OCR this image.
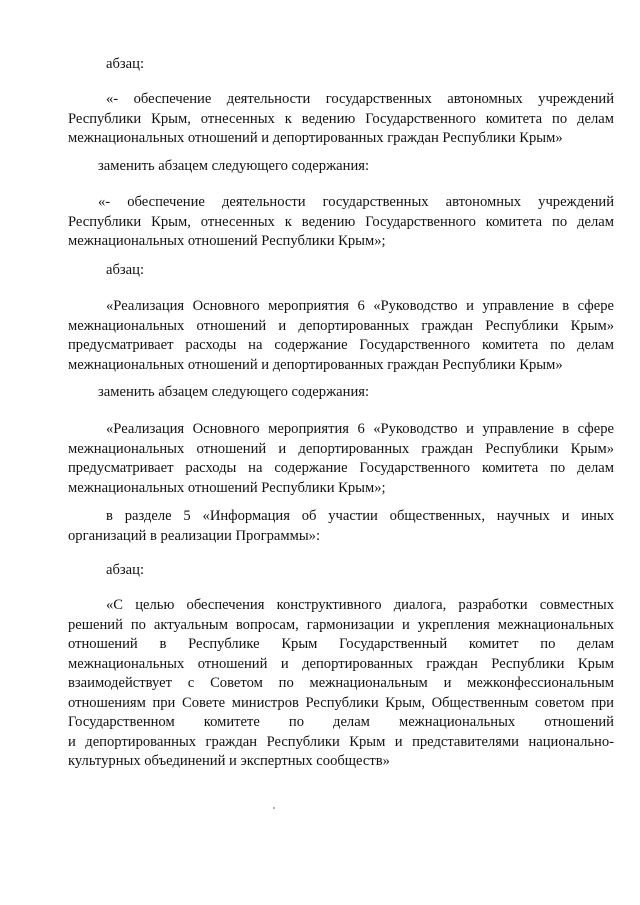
абзац:

«- обеспечение деятельности государственных автономных учреждений
Республики Крым, отнесенных к ведению Государственного комитета по делам
межнациональных отношений и депортированных граждан Республики Крым»

заменить абзацем следующего содержания:

«- обеспечение деятельности государственных автономных учреждений
Республики Крым, отнесенных к ведению Государственного комитета по делам
межнациональных отношений Республики Крым»;

абзац:

«Реализация Основного мероприятия 6 «Руководство и управление в сфере
межнациональных отношений и депортированных граждан Республики Крым»
предусматривает расходы на содержание Государственного комитета по делам
межнациональных отношений и депортированных граждан Республики Крым»

заменить абзацем следующего содержания:

«Реализация Основного мероприятия 6 «Руководство и управление в сфере
межнациональных отношений и депортированных граждан Республики Крым»
предусматривает расходы на содержание Государственного комитета по делам
межнациональных отношений Республики Крым»;
в разделе 5 «Информация об участии общественных, научных и иных
организаций в реализации Программы»:

абзац:

«С целью обеспечения конструктивного диалога, разработки совместных
решений по актуальным вопросам, гармонизации и укрепления межнациональных
отношений в Республике Крым Государственный комитет по делам
межнациональных отношений и депортированных граждан Республики Крым
взаимодействует с Советом по межнациональным и межконфессиональным
отношениям при Совете министров Республики Крым, Общественным советом при
Государственном комитете по делам межнациональных отношений
и депортированных граждан Республики Крым и представителями национально-
культурных объединений и экспертных сообществ»
